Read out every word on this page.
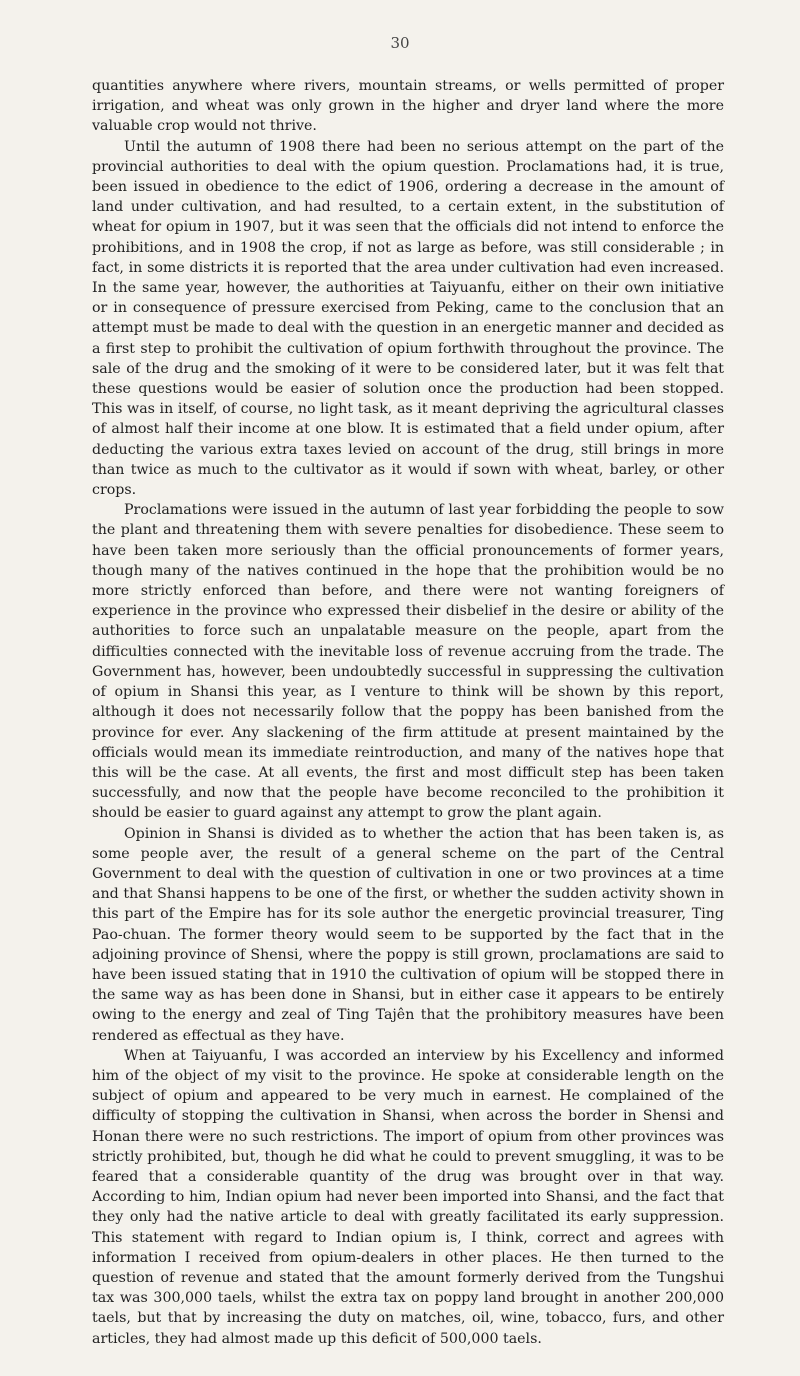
30

quantities anywhere where rivers, mountain streams, or wells permitted of proper irrigation, and wheat was only grown in the higher and dryer land where the more valuable crop would not thrive.

Until the autumn of 1908 there had been no serious attempt on the part of the provincial authorities to deal with the opium question. Proclamations had, it is true, been issued in obedience to the edict of 1906, ordering a decrease in the amount of land under cultivation, and had resulted, to a certain extent, in the substitution of wheat for opium in 1907, but it was seen that the officials did not intend to enforce the prohibitions, and in 1908 the crop, if not as large as before, was still considerable ; in fact, in some districts it is reported that the area under cultivation had even increased. In the same year, however, the authorities at Taiyuanfu, either on their own initiative or in consequence of pressure exercised from Peking, came to the conclusion that an attempt must be made to deal with the question in an energetic manner and decided as a first step to prohibit the cultivation of opium forthwith throughout the province. The sale of the drug and the smoking of it were to be considered later, but it was felt that these questions would be easier of solution once the production had been stopped. This was in itself, of course, no light task, as it meant depriving the agricultural classes of almost half their income at one blow. It is estimated that a field under opium, after deducting the various extra taxes levied on account of the drug, still brings in more than twice as much to the cultivator as it would if sown with wheat, barley, or other crops.

Proclamations were issued in the autumn of last year forbidding the people to sow the plant and threatening them with severe penalties for disobedience. These seem to have been taken more seriously than the official pronouncements of former years, though many of the natives continued in the hope that the prohibition would be no more strictly enforced than before, and there were not wanting foreigners of experience in the province who expressed their disbelief in the desire or ability of the authorities to force such an unpalatable measure on the people, apart from the difficulties connected with the inevitable loss of revenue accruing from the trade. The Government has, however, been undoubtedly successful in suppressing the cultivation of opium in Shansi this year, as I venture to think will be shown by this report, although it does not necessarily follow that the poppy has been banished from the province for ever. Any slackening of the firm attitude at present maintained by the officials would mean its immediate reintroduction, and many of the natives hope that this will be the case. At all events, the first and most difficult step has been taken successfully, and now that the people have become reconciled to the prohibition it should be easier to guard against any attempt to grow the plant again.

Opinion in Shansi is divided as to whether the action that has been taken is, as some people aver, the result of a general scheme on the part of the Central Government to deal with the question of cultivation in one or two provinces at a time and that Shansi happens to be one of the first, or whether the sudden activity shown in this part of the Empire has for its sole author the energetic provincial treasurer, Ting Pao-chuan. The former theory would seem to be supported by the fact that in the adjoining province of Shensi, where the poppy is still grown, proclamations are said to have been issued stating that in 1910 the cultivation of opium will be stopped there in the same way as has been done in Shansi, but in either case it appears to be entirely owing to the energy and zeal of Ting Tajên that the prohibitory measures have been rendered as effectual as they have.

When at Taiyuanfu, I was accorded an interview by his Excellency and informed him of the object of my visit to the province. He spoke at considerable length on the subject of opium and appeared to be very much in earnest. He complained of the difficulty of stopping the cultivation in Shansi, when across the border in Shensi and Honan there were no such restrictions. The import of opium from other provinces was strictly prohibited, but, though he did what he could to prevent smuggling, it was to be feared that a considerable quantity of the drug was brought over in that way. According to him, Indian opium had never been imported into Shansi, and the fact that they only had the native article to deal with greatly facilitated its early suppression. This statement with regard to Indian opium is, I think, correct and agrees with information I received from opium-dealers in other places. He then turned to the question of revenue and stated that the amount formerly derived from the Tungshui tax was 300,000 taels, whilst the extra tax on poppy land brought in another 200,000 taels, but that by increasing the duty on matches, oil, wine, tobacco, furs, and other articles, they had almost made up this deficit of 500,000 taels.
